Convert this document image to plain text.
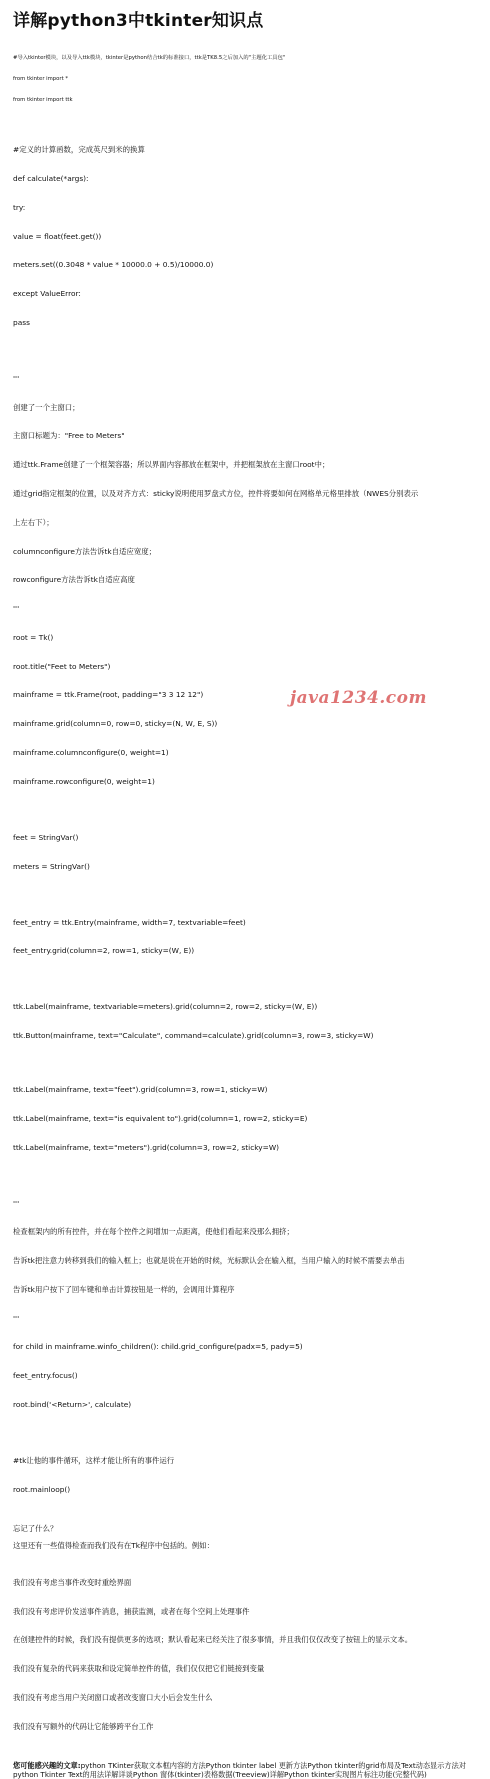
详解python3中tkinter知识点

#导入tkinter模块，以及导入ttk模块，tkinter是python结合tk的标准接口，ttk是TK8.5之后加入的"主题化工具包"

from tkinter import *

from tkinter import ttk

#定义的计算函数，完成英尺到米的换算

def calculate(*args):

try:

value = float(feet.get())

meters.set((0.3048 * value * 10000.0 + 0.5)/10000.0)

except ValueError:

pass

'''

创建了一个主窗口；

主窗口标题为："Free to Meters"

通过ttk.Frame创建了一个框架容器；所以界面内容都放在框架中，并把框架放在主窗口root中；

通过grid指定框架的位置，以及对齐方式：sticky说明使用罗盘式方位，控件将要如何在网格单元格里排放（NWES分别表示

上左右下）；

columnconfigure方法告诉tk自适应宽度；

rowconfigure方法告诉tk自适应高度

'''

root = Tk()

root.title("Feet to Meters")

mainframe = ttk.Frame(root, padding="3 3 12 12")

mainframe.grid(column=0, row=0, sticky=(N, W, E, S))

mainframe.columnconfigure(0, weight=1)

mainframe.rowconfigure(0, weight=1)

feet = StringVar()

meters = StringVar()

feet_entry = ttk.Entry(mainframe, width=7, textvariable=feet)

feet_entry.grid(column=2, row=1, sticky=(W, E))

ttk.Label(mainframe, textvariable=meters).grid(column=2, row=2, sticky=(W, E))

ttk.Button(mainframe, text="Calculate", command=calculate).grid(column=3, row=3, sticky=W)

ttk.Label(mainframe, text="feet").grid(column=3, row=1, sticky=W)

ttk.Label(mainframe, text="is equivalent to").grid(column=1, row=2, sticky=E)

ttk.Label(mainframe, text="meters").grid(column=3, row=2, sticky=W)

'''

检查框架内的所有控件，并在每个控件之间增加一点距离，使他们看起来没那么拥挤；

告诉tk把注意力转移到我们的输入框上；也就是说在开始的时候，光标默认会在输入框，当用户输入的时候不需要去单击

告诉tk用户按下了回车键和单击计算按钮是一样的，会调用计算程序

'''

for child in mainframe.winfo_children(): child.grid_configure(padx=5, pady=5)

feet_entry.focus()

root.bind('<Return>', calculate)

#tk让他的事件循环，这样才能让所有的事件运行

root.mainloop()

忘记了什么？
这里还有一些值得检查而我们没有在Tk程序中包括的。例如：

我们没有考虑当事件改变时重绘界面

我们没有考虑评价发送事件消息，捕获监测，或者在每个空间上处理事件

在创建控件的时候，我们没有提供更多的选项；默认看起来已经关注了很多事情，并且我们仅仅改变了按钮上的显示文本。

我们没有复杂的代码来获取和设定简单控件的值，我们仅仅把它们链接到变量

我们没有考虑当用户关闭窗口或者改变窗口大小后会发生什么

我们没有写额外的代码让它能够跨平台工作

您可能感兴趣的文章:python TKinter获取文本框内容的方法Python tkinter label 更新方法Python tkinter的grid布局及Text动态显示方法对python Tkinter Text的用法详解详谈Python 窗体(tkinter)表格数据(Treeview)详解Python tkinter实现图片标注功能(完整代码)
java1234.com
